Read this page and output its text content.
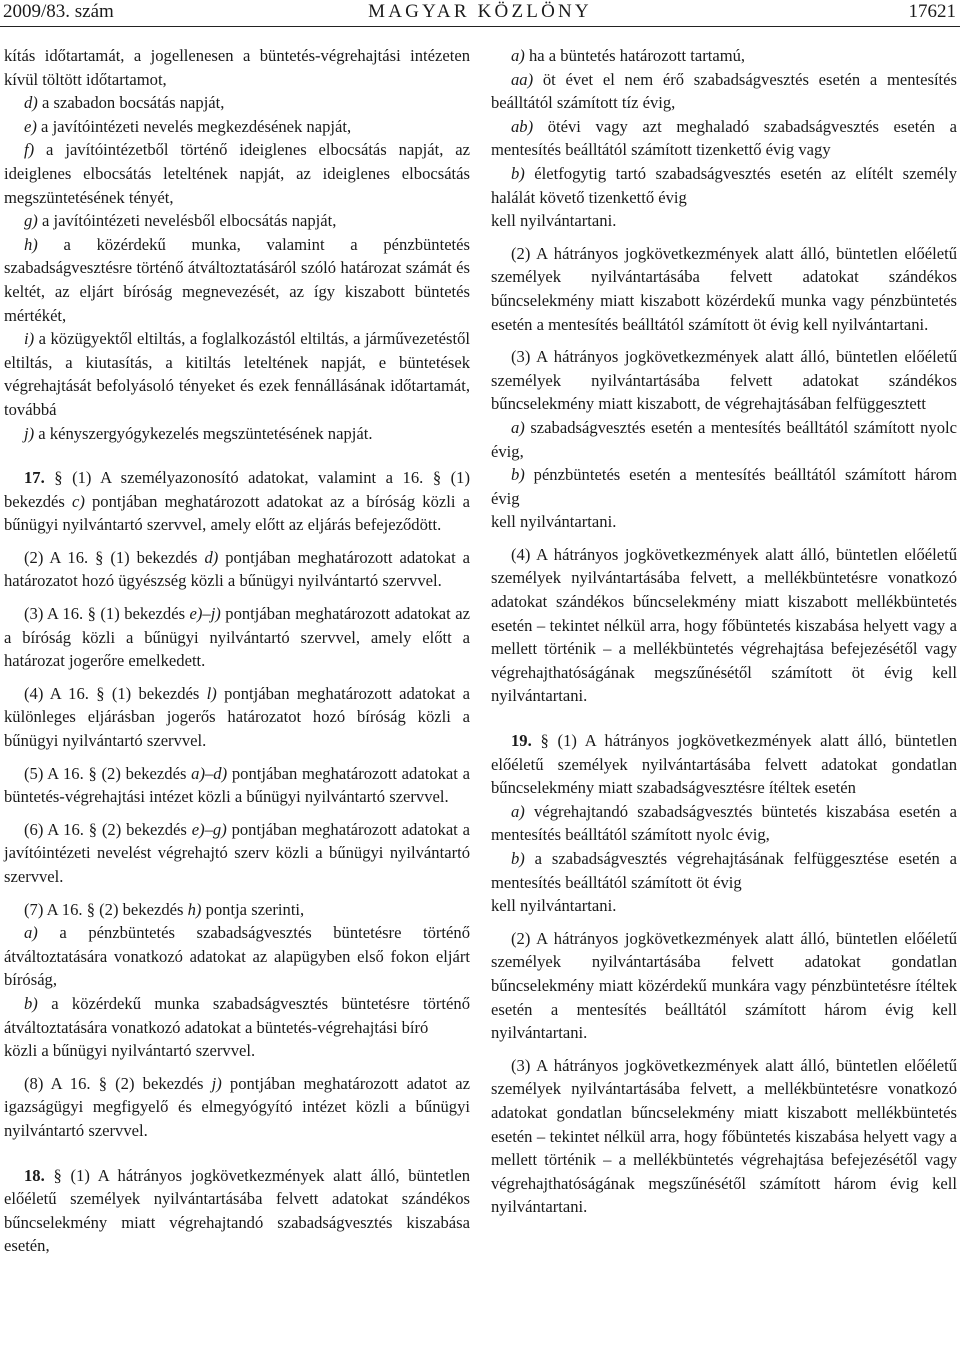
2009/83. szám	MAGYAR KÖZLÖNY	17621

kítás időtartamát, a jogellenesen a büntetés-végrehajtási intézeten kívül töltött időtartamot,

d) a szabadon bocsátás napját,

e) a javítóintézeti nevelés megkezdésének napját,

f) a javítóintézetből történő ideiglenes elbocsátás napját, az ideiglenes elbocsátás leteltének napját, az ideiglenes elbocsátás megszüntetésének tényét,

g) a javítóintézeti nevelésből elbocsátás napját,

h) a közérdekű munka, valamint a pénzbüntetés szabadságvesztésre történő átváltoztatásáról szóló határozat számát és keltét, az eljárt bíróság megnevezését, az így kiszabott büntetés mértékét,

i) a közügyektől eltiltás, a foglalkozástól eltiltás, a járművezetéstől eltiltás, a kiutasítás, a kitiltás leteltének napját, e büntetések végrehajtását befolyásoló tényeket és ezek fennállásának időtartamát, továbbá

j) a kényszergyógykezelés megszüntetésének napját.

17. § (1) A személyazonosító adatokat, valamint a 16. § (1) bekezdés c) pontjában meghatározott adatokat az a bíróság közli a bűnügyi nyilvántartó szervvel, amely előtt az eljárás befejeződött.

(2) A 16. § (1) bekezdés d) pontjában meghatározott adatokat a határozatot hozó ügyészség közli a bűnügyi nyilvántartó szervvel.

(3) A 16. § (1) bekezdés e)–j) pontjában meghatározott adatokat az a bíróság közli a bűnügyi nyilvántartó szervvel, amely előtt a határozat jogerőre emelkedett.

(4) A 16. § (1) bekezdés l) pontjában meghatározott adatokat a különleges eljárásban jogerős határozatot hozó bíróság közli a bűnügyi nyilvántartó szervvel.

(5) A 16. § (2) bekezdés a)–d) pontjában meghatározott adatokat a büntetés-végrehajtási intézet közli a bűnügyi nyilvántartó szervvel.

(6) A 16. § (2) bekezdés e)–g) pontjában meghatározott adatokat a javítóintézeti nevelést végrehajtó szerv közli a bűnügyi nyilvántartó szervvel.

(7) A 16. § (2) bekezdés h) pontja szerinti,

a) a pénzbüntetés szabadságvesztés büntetésre történő átváltoztatására vonatkozó adatokat az alapügyben első fokon eljárt bíróság,

b) a közérdekű munka szabadságvesztés büntetésre történő átváltoztatására vonatkozó adatokat a büntetés-végrehajtási bíró

közli a bűnügyi nyilvántartó szervvel.

(8) A 16. § (2) bekezdés j) pontjában meghatározott adatot az igazságügyi megfigyelő és elmegyógyító intézet közli a bűnügyi nyilvántartó szervvel.

18. § (1) A hátrányos jogkövetkezmények alatt álló, büntetlen előéletű személyek nyilvántartásába felvett adatokat szándékos bűncselekmény miatt végrehajtandó szabadságvesztés kiszabása esetén,

a) ha a büntetés határozott tartamú,

aa) öt évet el nem érő szabadságvesztés esetén a mentesítés beálltától számított tíz évig,

ab) ötévi vagy azt meghaladó szabadságvesztés esetén a mentesítés beálltától számított tizenkettő évig vagy

b) életfogytig tartó szabadságvesztés esetén az elítélt személy halálát követő tizenkettő évig

kell nyilvántartani.

(2) A hátrányos jogkövetkezmények alatt álló, büntetlen előéletű személyek nyilvántartásába felvett adatokat szándékos bűncselekmény miatt kiszabott közérdekű munka vagy pénzbüntetés esetén a mentesítés beálltától számított öt évig kell nyilvántartani.

(3) A hátrányos jogkövetkezmények alatt álló, büntetlen előéletű személyek nyilvántartásába felvett adatokat szándékos bűncselekmény miatt kiszabott, de végrehajtásában felfüggesztett

a) szabadságvesztés esetén a mentesítés beálltától számított nyolc évig,

b) pénzbüntetés esetén a mentesítés beálltától számított három évig

kell nyilvántartani.

(4) A hátrányos jogkövetkezmények alatt álló, büntetlen előéletű személyek nyilvántartásába felvett, a mellékbüntetésre vonatkozó adatokat szándékos bűncselekmény miatt kiszabott mellékbüntetés esetén – tekintet nélkül arra, hogy főbüntetés kiszabása helyett vagy a mellett történik – a mellékbüntetés végrehajtása befejezésétől vagy végrehajthatóságának megszűnésétől számított öt évig kell nyilvántartani.

19. § (1) A hátrányos jogkövetkezmények alatt álló, büntetlen előéletű személyek nyilvántartásába felvett adatokat gondatlan bűncselekmény miatt szabadságvesztésre ítéltek esetén

a) végrehajtandó szabadságvesztés büntetés kiszabása esetén a mentesítés beálltától számított nyolc évig,

b) a szabadságvesztés végrehajtásának felfüggesztése esetén a mentesítés beálltától számított öt évig

kell nyilvántartani.

(2) A hátrányos jogkövetkezmények alatt álló, büntetlen előéletű személyek nyilvántartásába felvett adatokat gondatlan bűncselekmény miatt közérdekű munkára vagy pénzbüntetésre ítéltek esetén a mentesítés beálltától számított három évig kell nyilvántartani.

(3) A hátrányos jogkövetkezmények alatt álló, büntetlen előéletű személyek nyilvántartásába felvett, a mellékbüntetésre vonatkozó adatokat gondatlan bűncselekmény miatt kiszabott mellékbüntetés esetén – tekintet nélkül arra, hogy főbüntetés kiszabása helyett vagy a mellett történik – a mellékbüntetés végrehajtása befejezésétől vagy végrehajthatóságának megszűnésétől számított három évig kell nyilvántartani.
